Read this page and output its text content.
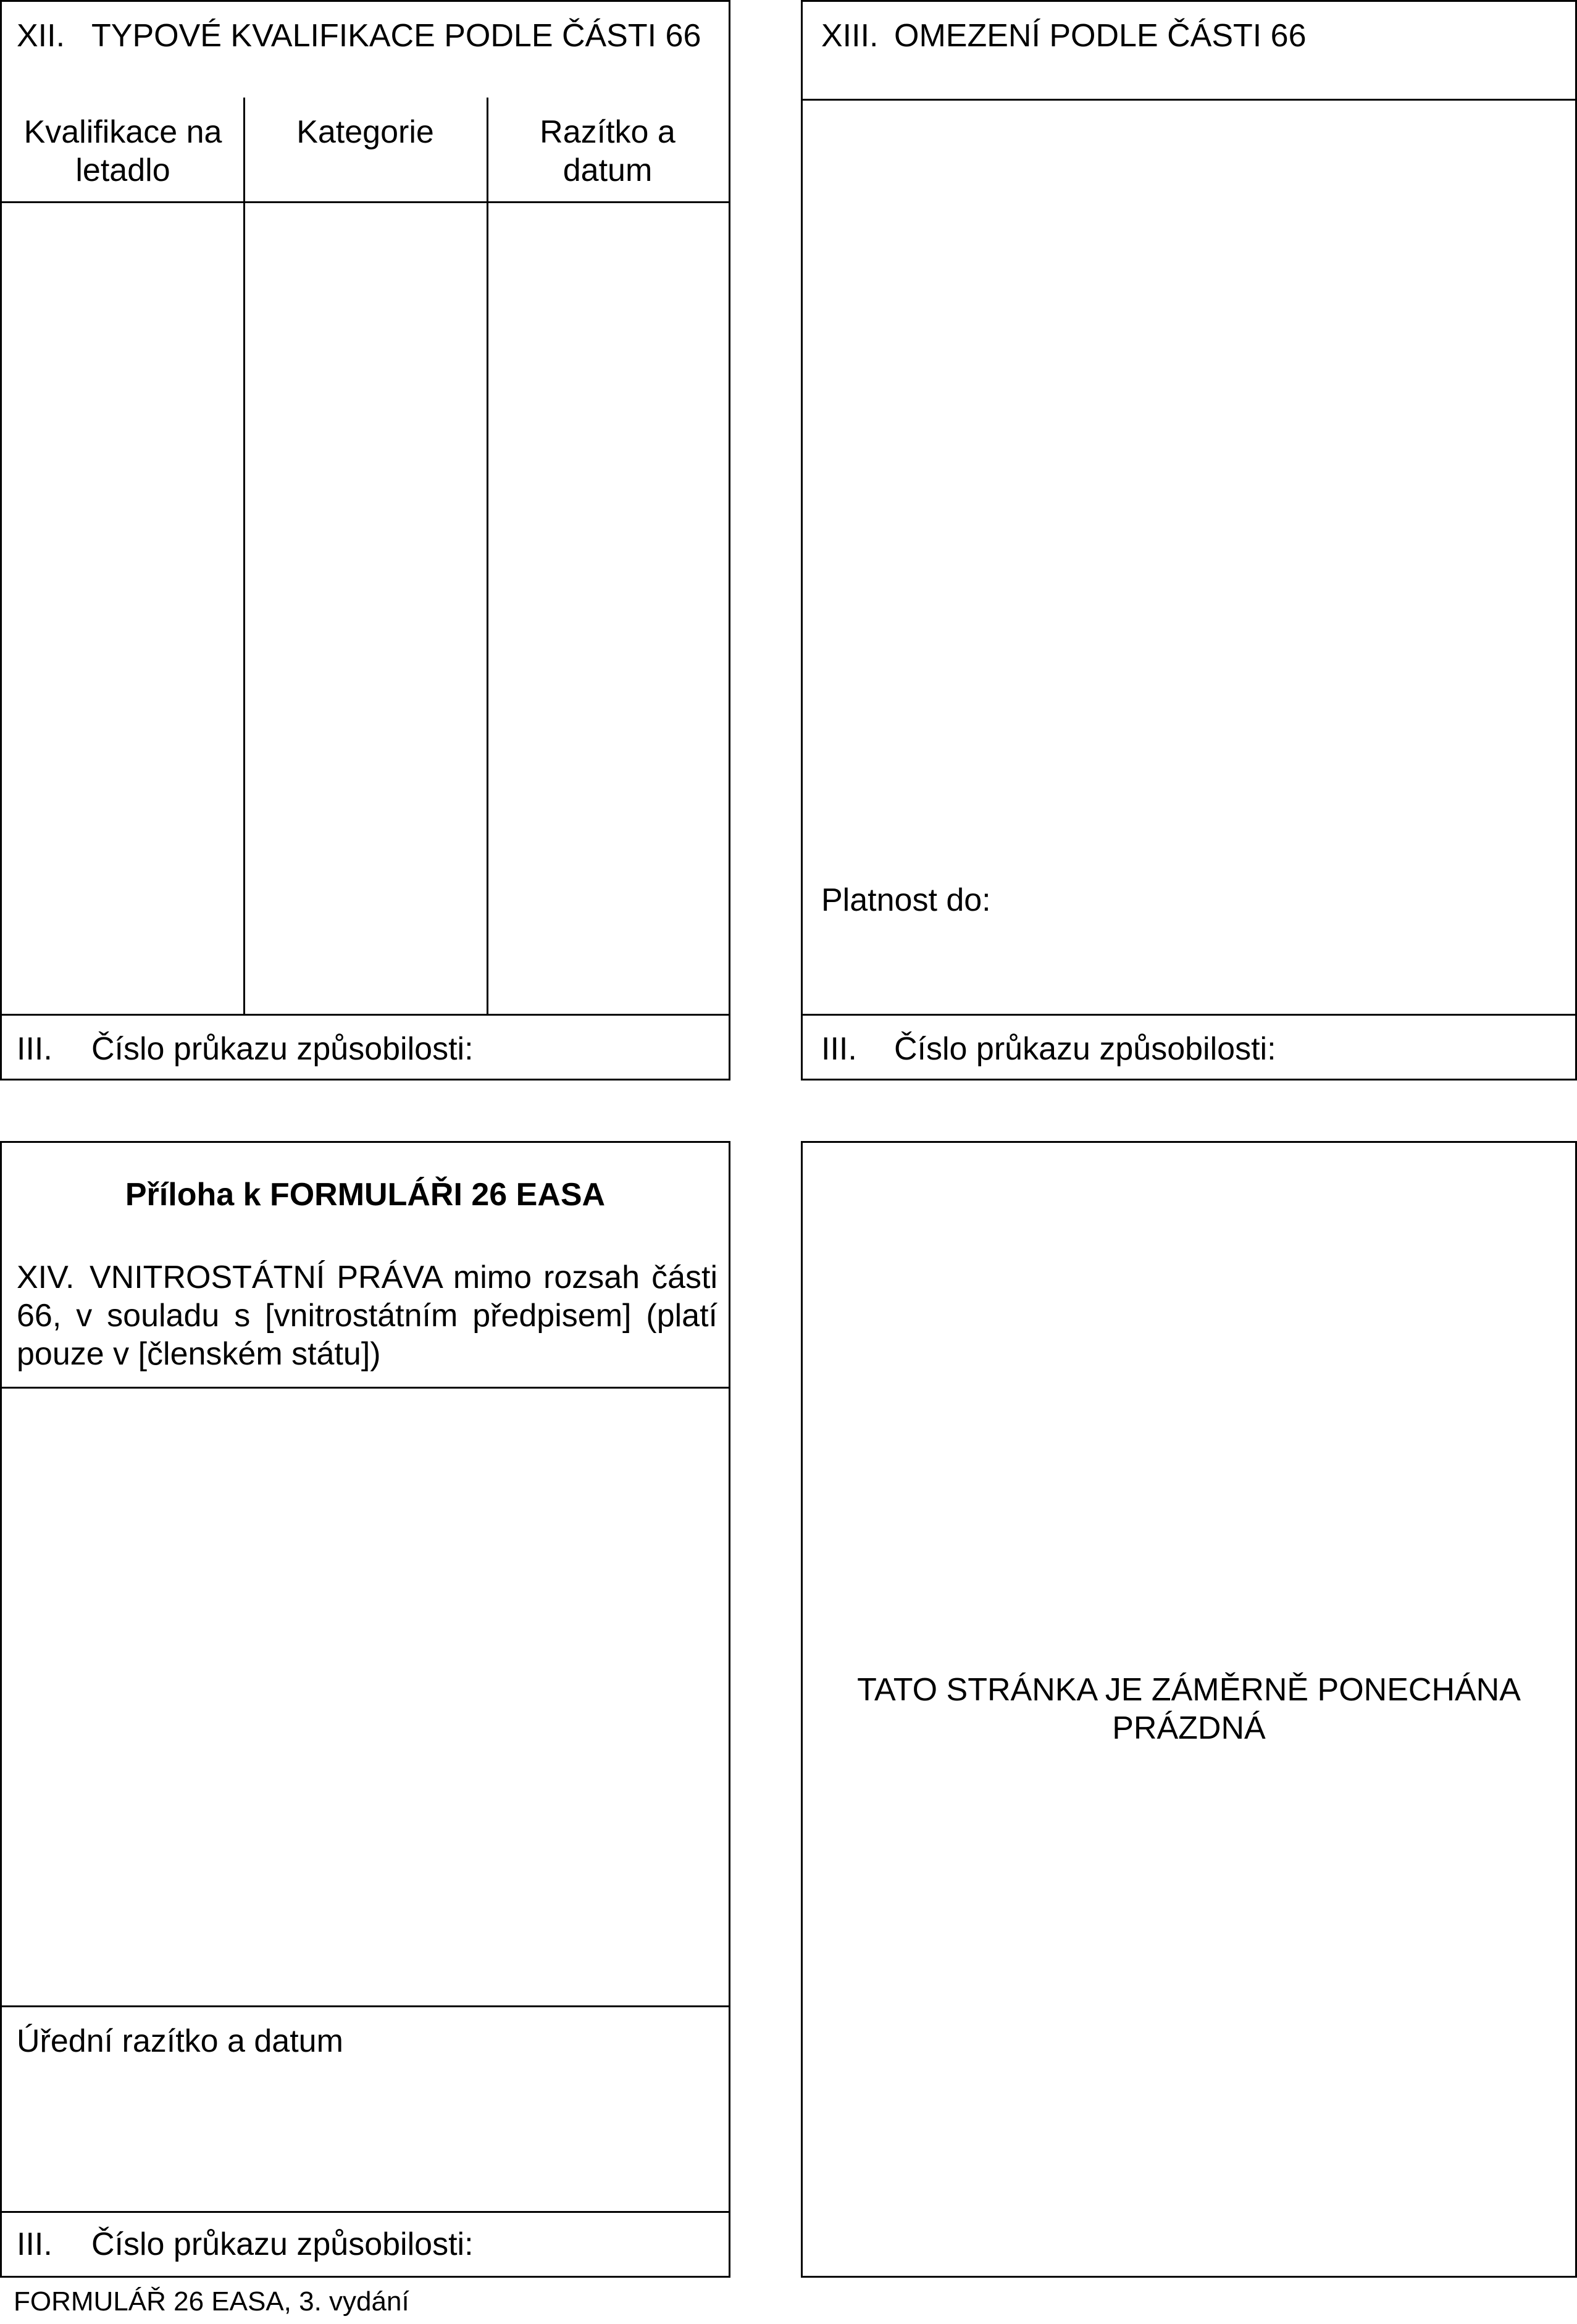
XII. TYPOVÉ KVALIFIKACE PODLE ČÁSTI 66
Kvalifikace na letadlo
Kategorie	Razítko a datum
III. Číslo průkazu způsobilosti:
XIII. OMEZENÍ PODLE ČÁSTI 66
Platnost do:
III. Číslo průkazu způsobilosti:
Příloha k FORMULÁŘI 26 EASA
XIV. VNITROSTÁTNÍ PRÁVA mimo rozsah části 66, v souladu s [vnitrostátním předpisem] (platí pouze v [členském státu])
Úřední razítko a datum
III. Číslo průkazu způsobilosti:
TATO STRÁNKA JE ZÁMĚRNĚ PONECHÁNA PRÁZDNÁ
FORMULÁŘ 26 EASA, 3. vydání
